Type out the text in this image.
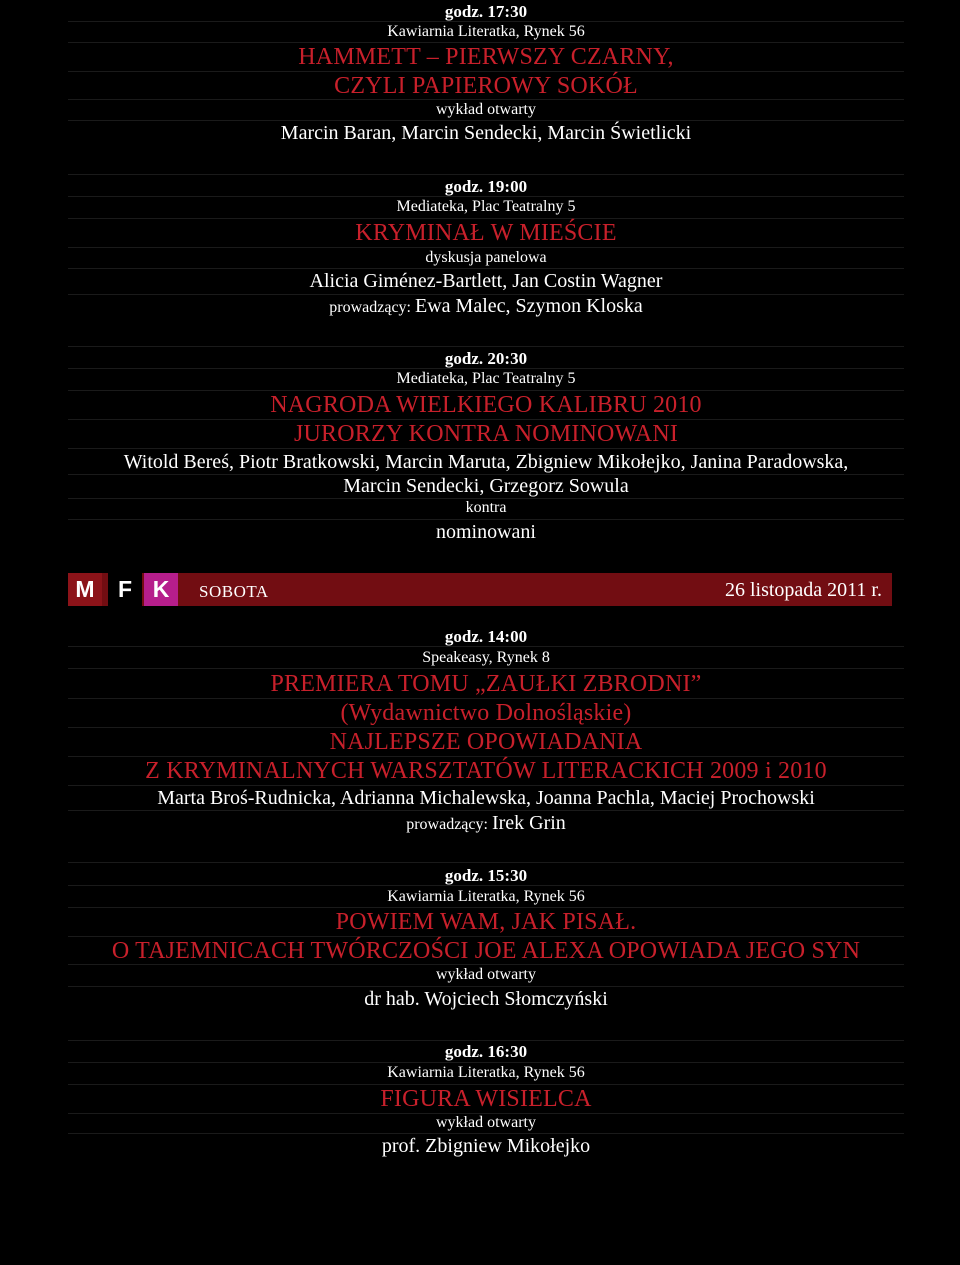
godz. 17:30
Kawiarnia Literatka, Rynek 56
HAMMETT – PIERWSZY CZARNY,
CZYLI PAPIEROWY SOKÓŁ
wykład otwarty
Marcin Baran, Marcin Sendecki, Marcin Świetlicki
godz. 19:00
Mediateka, Plac Teatralny 5
KRYMINAŁ W MIEŚCIE
dyskusja panelowa
Alicia Giménez-Bartlett, Jan Costin Wagner
prowadzący: Ewa Malec, Szymon Kloska
godz. 20:30
Mediateka, Plac Teatralny 5
NAGRODA WIELKIEGO KALIBRU 2010
JURORZY KONTRA NOMINOWANI
Witold Bereś, Piotr Bratkowski, Marcin Maruta, Zbigniew Mikołejko, Janina Paradowska,
Marcin Sendecki, Grzegorz Sowula
kontra
nominowani
M	F K	SOBOTA	26 listopada 2011 r.
godz. 14:00
Speakeasy, Rynek 8
PREMIERA TOMU „ZAUŁKI ZBRODNI”
(Wydawnictwo Dolnośląskie)
NAJLEPSZE OPOWIADANIA
Z KRYMINALNYCH WARSZTATÓW LITERACKICH 2009 i 2010
Marta Broś-Rudnicka, Adrianna Michalewska, Joanna Pachla, Maciej Prochowski
prowadzący: Irek Grin
godz. 15:30
Kawiarnia Literatka, Rynek 56
POWIEM WAM, JAK PISAŁ.
O TAJEMNICACH TWÓRCZOŚCI JOE ALEXA OPOWIADA JEGO SYN
wykład otwarty
dr hab. Wojciech Słomczyński
godz. 16:30
Kawiarnia Literatka, Rynek 56
FIGURA WISIELCA
wykład otwarty
prof. Zbigniew Mikołejko
